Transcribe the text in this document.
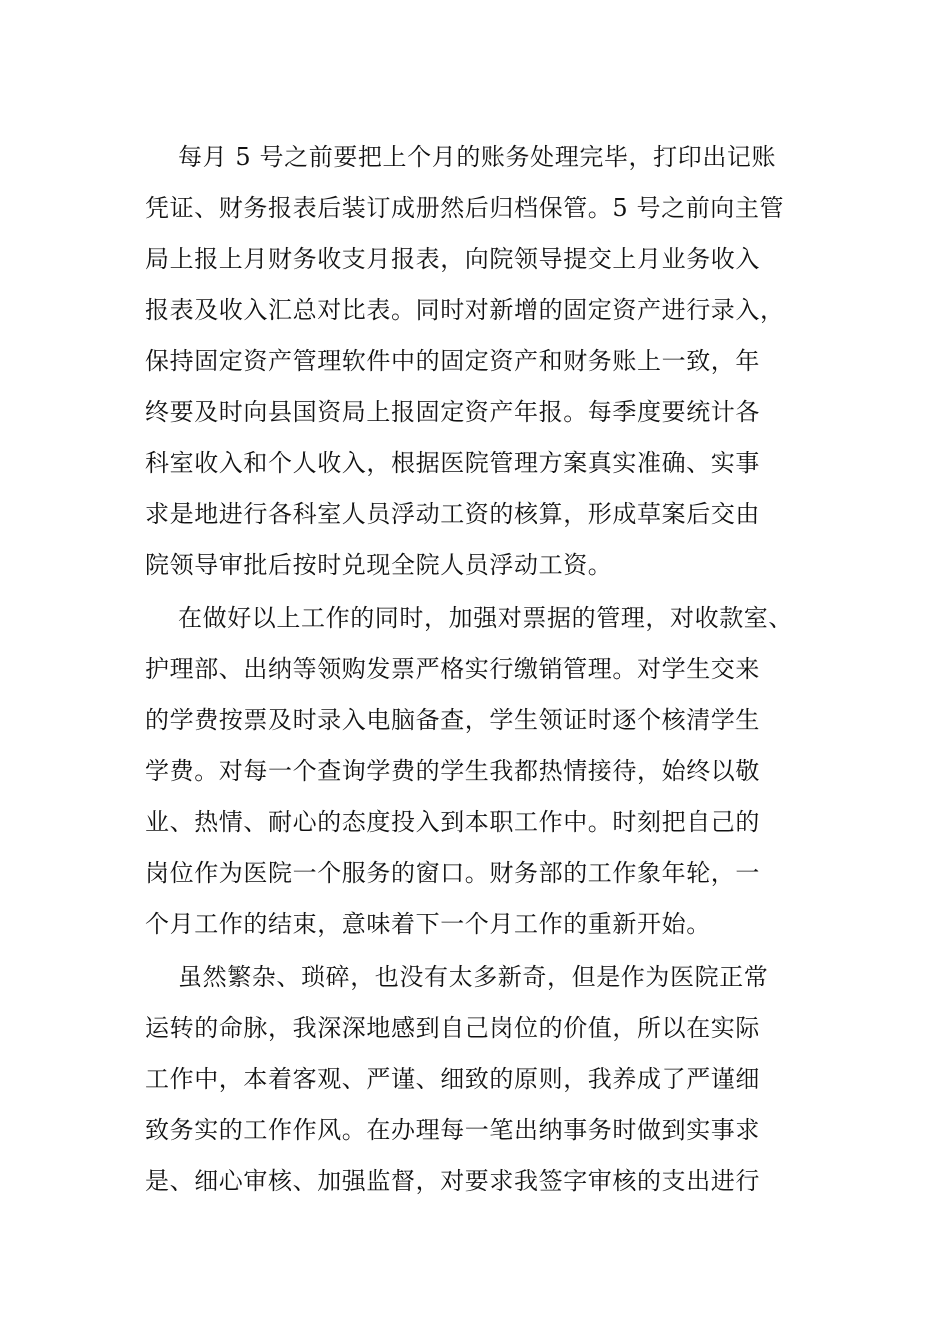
每月 5 号之前要把上个月的账务处理完毕，打印出记账
凭证、财务报表后装订成册然后归档保管。5 号之前向主管
局上报上月财务收支月报表，向院领导提交上月业务收入
报表及收入汇总对比表。同时对新增的固定资产进行录入，
保持固定资产管理软件中的固定资产和财务账上一致，年
终要及时向县国资局上报固定资产年报。每季度要统计各
科室收入和个人收入，根据医院管理方案真实准确、实事
求是地进行各科室人员浮动工资的核算，形成草案后交由
院领导审批后按时兑现全院人员浮动工资。
在做好以上工作的同时，加强对票据的管理，对收款室、
护理部、出纳等领购发票严格实行缴销管理。对学生交来
的学费按票及时录入电脑备查，学生领证时逐个核清学生
学费。对每一个查询学费的学生我都热情接待，始终以敬
业、热情、耐心的态度投入到本职工作中。时刻把自己的
岗位作为医院一个服务的窗口。财务部的工作象年轮，一
个月工作的结束，意味着下一个月工作的重新开始。
虽然繁杂、琐碎，也没有太多新奇，但是作为医院正常
运转的命脉，我深深地感到自己岗位的价值，所以在实际
工作中，本着客观、严谨、细致的原则，我养成了严谨细
致务实的工作作风。在办理每一笔出纳事务时做到实事求
是、细心审核、加强监督，对要求我签字审核的支出进行
